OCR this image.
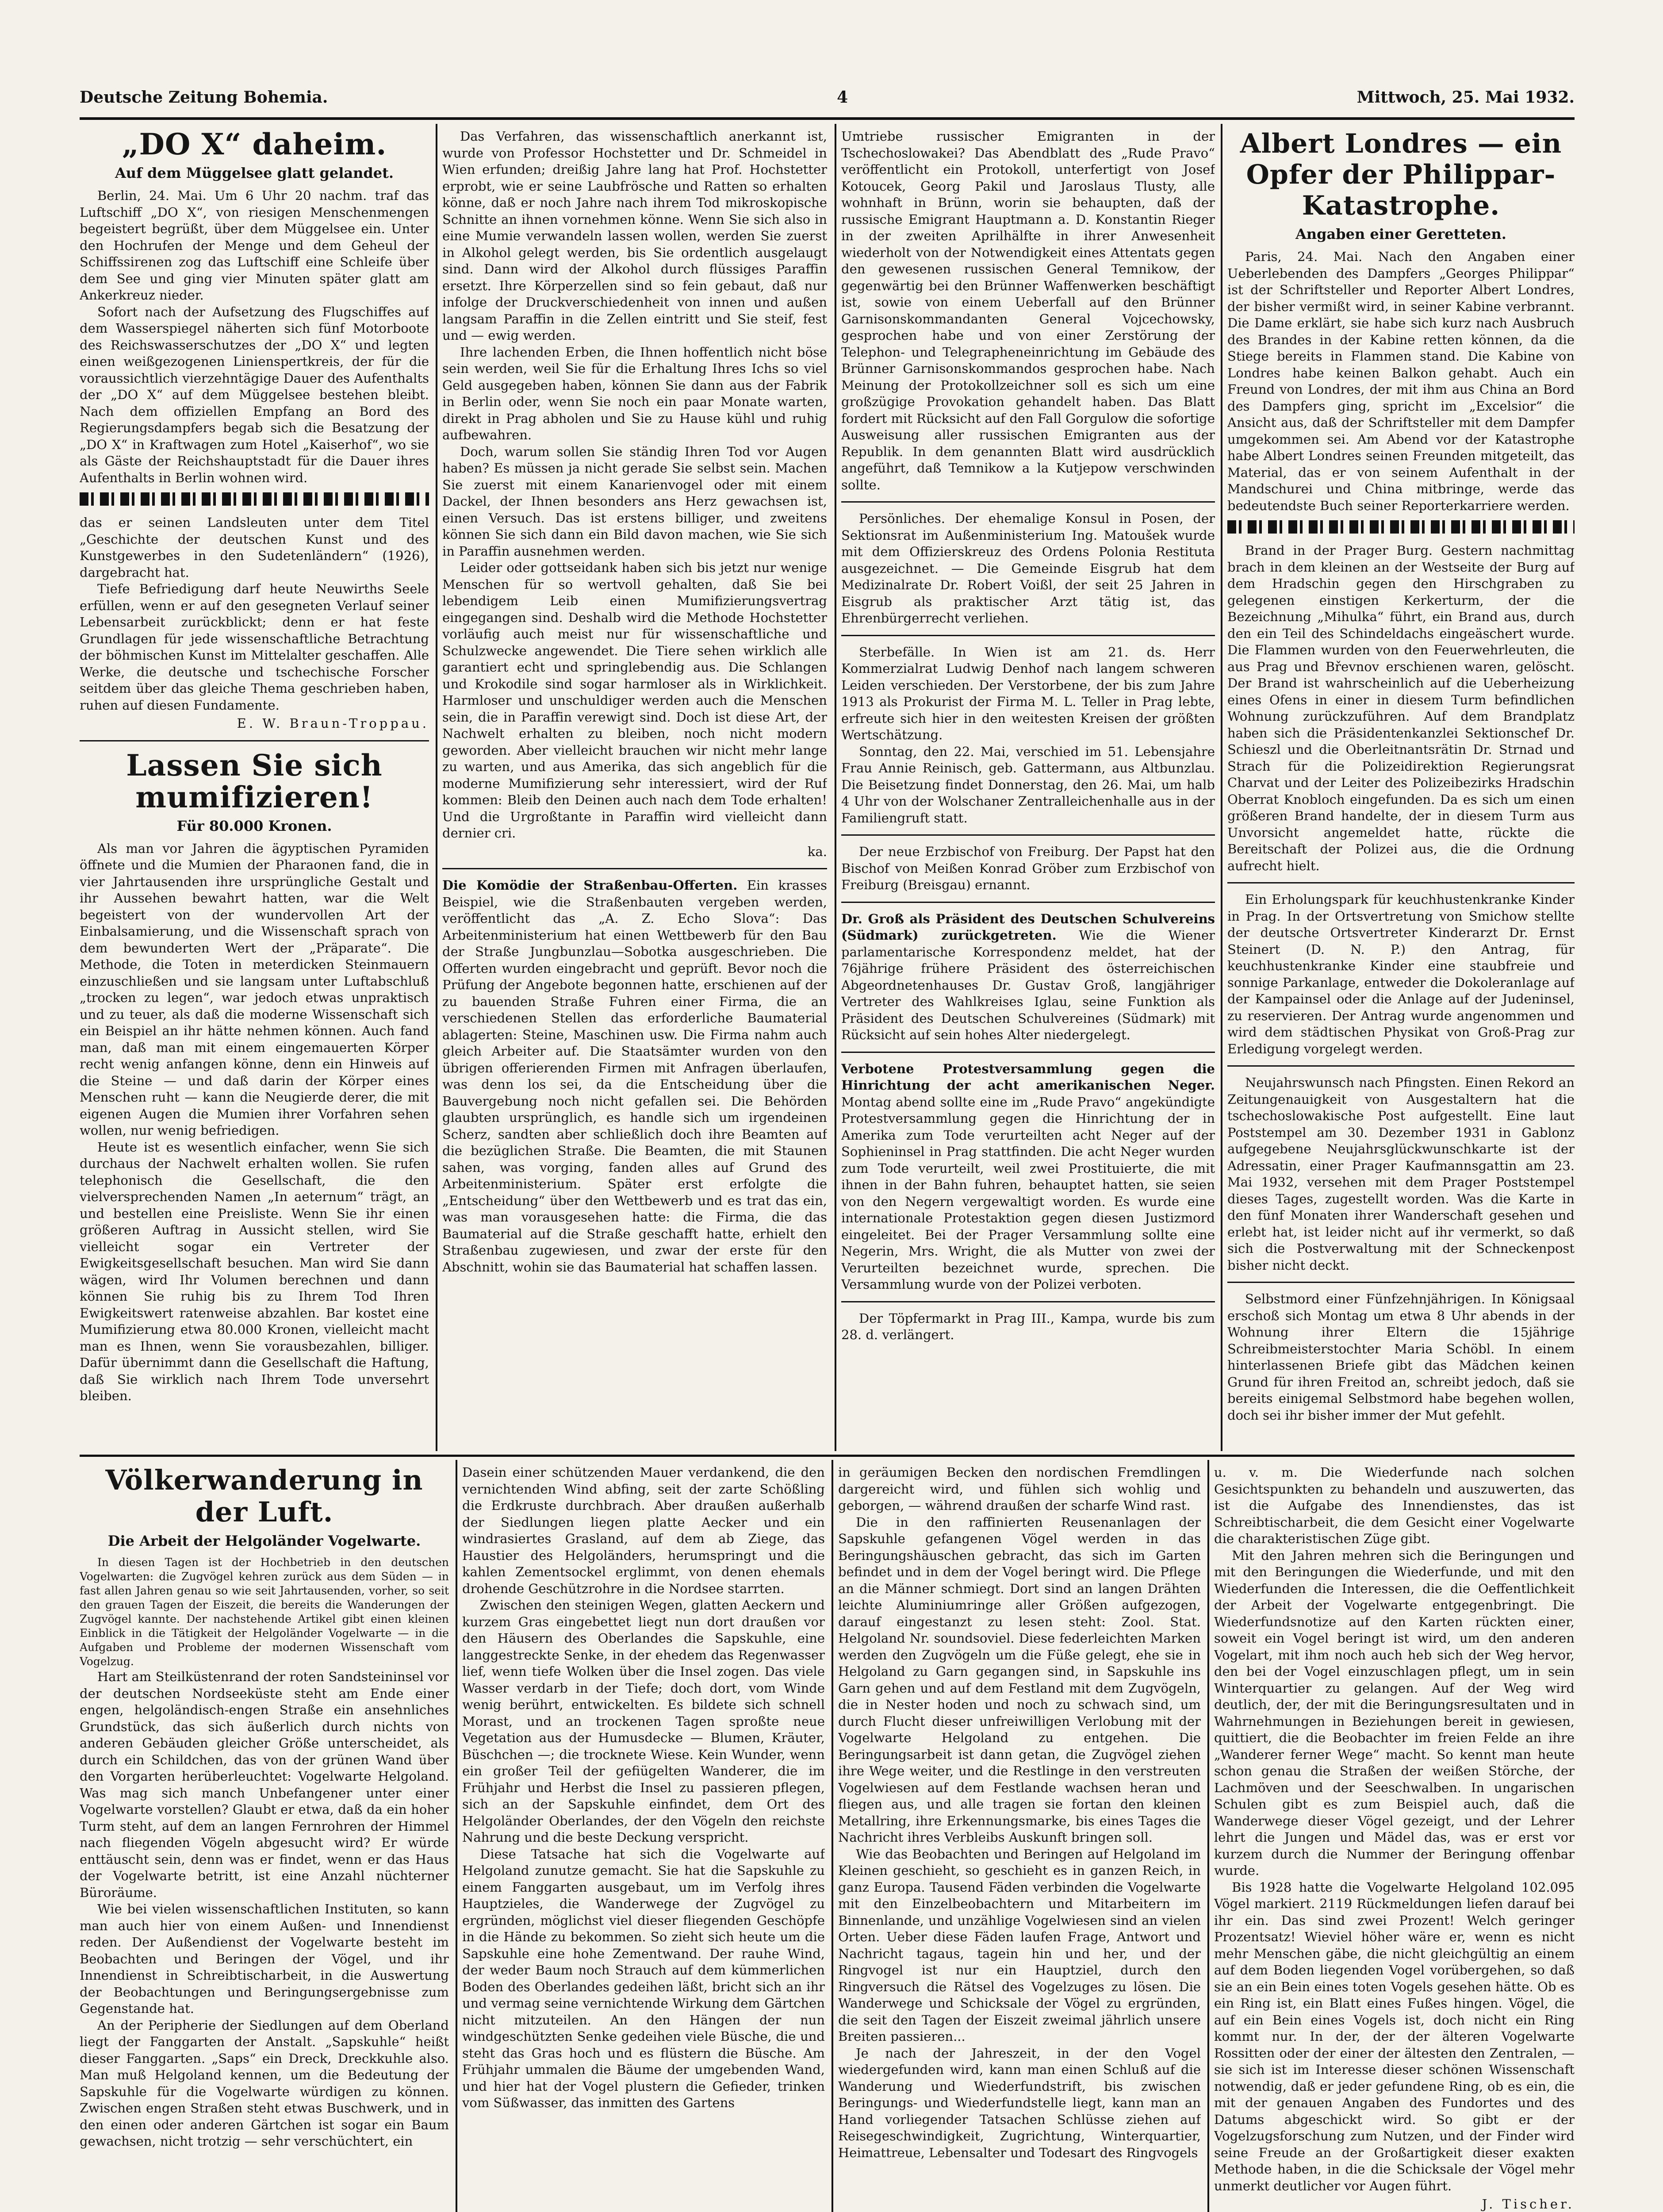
Deutsche Zeitung Bohemia.	4	Mittwoch, 25. Mai 1932.
„DO X“ daheim.
Auf dem Müggelsee glatt gelandet.

Berlin, 24. Mai. Um 6 Uhr 20 nachm. traf das Luftschiff „DO X“, von riesigen Menschenmengen begeistert begrüßt, über dem Müggelsee ein. Unter den Hochrufen der Menge und dem Geheul der Schiffssirenen zog das Luftschiff eine Schleife über dem See und ging vier Minuten später glatt am Ankerkreuz nieder.

Sofort nach der Aufsetzung des Flugschiffes auf dem Wasserspiegel näherten sich fünf Motorboote des Reichswasserschutzes der „DO X“ und legten einen weißgezogenen Linienspertkreis, der für die voraussichtlich vierzehntägige Dauer des Aufenthalts der „DO X“ auf dem Müggelsee bestehen bleibt. Nach dem offiziellen Empfang an Bord des Regierungsdampfers begab sich die Besatzung der „DO X“ in Kraftwagen zum Hotel „Kaiserhof“, wo sie als Gäste der Reichshauptstadt für die Dauer ihres Aufenthalts in Berlin wohnen wird.

das er seinen Landsleuten unter dem Titel „Geschichte der deutschen Kunst und des Kunstgewerbes in den Sudetenländern“ (1926), dargebracht hat.

Tiefe Befriedigung darf heute Neuwirths Seele erfüllen, wenn er auf den gesegneten Verlauf seiner Lebensarbeit zurückblickt; denn er hat feste Grundlagen für jede wissenschaftliche Betrachtung der böhmischen Kunst im Mittelalter geschaffen. Alle Werke, die deutsche und tschechische Forscher seitdem über das gleiche Thema geschrieben haben, ruhen auf diesen Fundamente.

E. W. Braun-Troppau.
Lassen Sie sich mumifizieren!
Für 80.000 Kronen.

Als man vor Jahren die ägyptischen Pyramiden öffnete und die Mumien der Pharaonen fand, die in vier Jahrtausenden ihre ursprüngliche Gestalt und ihr Aussehen bewahrt hatten, war die Welt begeistert von der wundervollen Art der Einbalsamierung, und die Wissenschaft sprach von dem bewunderten Wert der „Präparate“. Die Methode, die Toten in meterdicken Steinmauern einzuschließen und sie langsam unter Luftabschluß „trocken zu legen“, war jedoch etwas unpraktisch und zu teuer, als daß die moderne Wissenschaft sich ein Beispiel an ihr hätte nehmen können. Auch fand man, daß man mit einem eingemauerten Körper recht wenig anfangen könne, denn ein Hinweis auf die Steine — und daß darin der Körper eines Menschen ruht — kann die Neugierde derer, die mit eigenen Augen die Mumien ihrer Vorfahren sehen wollen, nur wenig befriedigen.

Heute ist es wesentlich einfacher, wenn Sie sich durchaus der Nachwelt erhalten wollen. Sie rufen telephonisch die Gesellschaft, die den vielversprechenden Namen „In aeternum“ trägt, an und bestellen eine Preisliste. Wenn Sie ihr einen größeren Auftrag in Aussicht stellen, wird Sie vielleicht sogar ein Vertreter der Ewigkeitsgesellschaft besuchen. Man wird Sie dann wägen, wird Ihr Volumen berechnen und dann können Sie ruhig bis zu Ihrem Tod Ihren Ewigkeitswert ratenweise abzahlen. Bar kostet eine Mumifizierung etwa 80.000 Kronen, vielleicht macht man es Ihnen, wenn Sie vorausbezahlen, billiger. Dafür übernimmt dann die Gesellschaft die Haftung, daß Sie wirklich nach Ihrem Tode unversehrt bleiben.

Das Verfahren, das wissenschaftlich anerkannt ist, wurde von Professor Hochstetter und Dr. Schmeidel in Wien erfunden; dreißig Jahre lang hat Prof. Hochstetter erprobt, wie er seine Laubfrösche und Ratten so erhalten könne, daß er noch Jahre nach ihrem Tod mikroskopische Schnitte an ihnen vornehmen könne. Wenn Sie sich also in eine Mumie verwandeln lassen wollen, werden Sie zuerst in Alkohol gelegt werden, bis Sie ordentlich ausgelaugt sind. Dann wird der Alkohol durch flüssiges Paraffin ersetzt. Ihre Körperzellen sind so fein gebaut, daß nur infolge der Druckverschiedenheit von innen und außen langsam Paraffin in die Zellen eintritt und Sie steif, fest und — ewig werden.

Ihre lachenden Erben, die Ihnen hoffentlich nicht böse sein werden, weil Sie für die Erhaltung Ihres Ichs so viel Geld ausgegeben haben, können Sie dann aus der Fabrik in Berlin oder, wenn Sie noch ein paar Monate warten, direkt in Prag abholen und Sie zu Hause kühl und ruhig aufbewahren.

Doch, warum sollen Sie ständig Ihren Tod vor Augen haben? Es müssen ja nicht gerade Sie selbst sein. Machen Sie zuerst mit einem Kanarienvogel oder mit einem Dackel, der Ihnen besonders ans Herz gewachsen ist, einen Versuch. Das ist erstens billiger, und zweitens können Sie sich dann ein Bild davon machen, wie Sie sich in Paraffin ausnehmen werden.

Leider oder gottseidank haben sich bis jetzt nur wenige Menschen für so wertvoll gehalten, daß Sie bei lebendigem Leib einen Mumifizierungsvertrag eingegangen sind. Deshalb wird die Methode Hochstetter vorläufig auch meist nur für wissenschaftliche und Schulzwecke angewendet. Die Tiere sehen wirklich alle garantiert echt und springlebendig aus. Die Schlangen und Krokodile sind sogar harmloser als in Wirklichkeit. Harmloser und unschuldiger werden auch die Menschen sein, die in Paraffin verewigt sind. Doch ist diese Art, der Nachwelt erhalten zu bleiben, noch nicht modern geworden. Aber vielleicht brauchen wir nicht mehr lange zu warten, und aus Amerika, das sich angeblich für die moderne Mumifizierung sehr interessiert, wird der Ruf kommen: Bleib den Deinen auch nach dem Tode erhalten! Und die Urgroßtante in Paraffin wird vielleicht dann dernier cri.

ka.

Die Komödie der Straßenbau-Offerten. Ein krasses Beispiel, wie die Straßenbauten vergeben werden, veröffentlicht das „A. Z. Echo Slova“: Das Arbeitenministerium hat einen Wettbewerb für den Bau der Straße Jungbunzlau—Sobotka ausgeschrieben. Die Offerten wurden eingebracht und geprüft. Bevor noch die Prüfung der Angebote begonnen hatte, erschienen auf der zu bauenden Straße Fuhren einer Firma, die an verschiedenen Stellen das erforderliche Baumaterial ablagerten: Steine, Maschinen usw. Die Firma nahm auch gleich Arbeiter auf. Die Staatsämter wurden von den übrigen offerierenden Firmen mit Anfragen überlaufen, was denn los sei, da die Entscheidung über die Bauvergebung noch nicht gefallen sei. Die Behörden glaubten ursprünglich, es handle sich um irgendeinen Scherz, sandten aber schließlich doch ihre Beamten auf die bezüglichen Straße. Die Beamten, die mit Staunen sahen, was vorging, fanden alles auf Grund des Arbeitenministerium. Später erst erfolgte die „Entscheidung“ über den Wettbewerb und es trat das ein, was man vorausgesehen hatte: die Firma, die das Baumaterial auf die Straße geschafft hatte, erhielt den Straßenbau zugewiesen, und zwar der erste für den Abschnitt, wohin sie das Baumaterial hat schaffen lassen.

Umtriebe russischer Emigranten in der Tschechoslowakei? Das Abendblatt des „Rude Pravo“ veröffentlicht ein Protokoll, unterfertigt von Josef Kotoucek, Georg Pakil und Jaroslaus Tlusty, alle wohnhaft in Brünn, worin sie behaupten, daß der russische Emigrant Hauptmann a. D. Konstantin Rieger in der zweiten Aprilhälfte in ihrer Anwesenheit wiederholt von der Notwendigkeit eines Attentats gegen den gewesenen russischen General Temnikow, der gegenwärtig bei den Brünner Waffenwerken beschäftigt ist, sowie von einem Ueberfall auf den Brünner Garnisonskommandanten General Vojcechowsky, gesprochen habe und von einer Zerstörung der Telephon- und Telegrapheneinrichtung im Gebäude des Brünner Garnisonskommandos gesprochen habe. Nach Meinung der Protokollzeichner soll es sich um eine großzügige Provokation gehandelt haben. Das Blatt fordert mit Rücksicht auf den Fall Gorgulow die sofortige Ausweisung aller russischen Emigranten aus der Republik. In dem genannten Blatt wird ausdrücklich angeführt, daß Temnikow a la Kutjepow verschwinden sollte.

Persönliches. Der ehemalige Konsul in Posen, der Sektionsrat im Außenministerium Ing. Matoušek wurde mit dem Offizierskreuz des Ordens Polonia Restituta ausgezeichnet. — Die Gemeinde Eisgrub hat dem Medizinalrate Dr. Robert Voißl, der seit 25 Jahren in Eisgrub als praktischer Arzt tätig ist, das Ehrenbürgerrecht verliehen.

Sterbefälle. In Wien ist am 21. ds. Herr Kommerzialrat Ludwig Denhof nach langem schweren Leiden verschieden. Der Verstorbene, der bis zum Jahre 1913 als Prokurist der Firma M. L. Teller in Prag lebte, erfreute sich hier in den weitesten Kreisen der größten Wertschätzung.

Sonntag, den 22. Mai, verschied im 51. Lebensjahre Frau Annie Reinisch, geb. Gattermann, aus Altbunzlau. Die Beisetzung findet Donnerstag, den 26. Mai, um halb 4 Uhr von der Wolschaner Zentralleichenhalle aus in der Familiengruft statt.

Der neue Erzbischof von Freiburg. Der Papst hat den Bischof von Meißen Konrad Gröber zum Erzbischof von Freiburg (Breisgau) ernannt.

Dr. Groß als Präsident des Deutschen Schulvereins (Südmark) zurückgetreten. Wie die Wiener parlamentarische Korrespondenz meldet, hat der 76jährige frühere Präsident des österreichischen Abgeordnetenhauses Dr. Gustav Groß, langjähriger Vertreter des Wahlkreises Iglau, seine Funktion als Präsident des Deutschen Schulvereines (Südmark) mit Rücksicht auf sein hohes Alter niedergelegt.

Verbotene Protestversammlung gegen die Hinrichtung der acht amerikanischen Neger. Montag abend sollte eine im „Rude Pravo“ angekündigte Protestversammlung gegen die Hinrichtung der in Amerika zum Tode verurteilten acht Neger auf der Sophieninsel in Prag stattfinden. Die acht Neger wurden zum Tode verurteilt, weil zwei Prostituierte, die mit ihnen in der Bahn fuhren, behauptet hatten, sie seien von den Negern vergewaltigt worden. Es wurde eine internationale Protestaktion gegen diesen Justizmord eingeleitet. Bei der Prager Versammlung sollte eine Negerin, Mrs. Wright, die als Mutter von zwei der Verurteilten bezeichnet wurde, sprechen. Die Versammlung wurde von der Polizei verboten.

Der Töpfermarkt in Prag III., Kampa, wurde bis zum 28. d. verlängert.

Albert Londres — ein Opfer der Philippar-Katastrophe.
Angaben einer Geretteten.

Paris, 24. Mai. Nach den Angaben einer Ueberlebenden des Dampfers „Georges Philippar“ ist der Schriftsteller und Reporter Albert Londres, der bisher vermißt wird, in seiner Kabine verbrannt. Die Dame erklärt, sie habe sich kurz nach Ausbruch des Brandes in der Kabine retten können, da die Stiege bereits in Flammen stand. Die Kabine von Londres habe keinen Balkon gehabt. Auch ein Freund von Londres, der mit ihm aus China an Bord des Dampfers ging, spricht im „Excelsior“ die Ansicht aus, daß der Schriftsteller mit dem Dampfer umgekommen sei. Am Abend vor der Katastrophe habe Albert Londres seinen Freunden mitgeteilt, das Material, das er von seinem Aufenthalt in der Mandschurei und China mitbringe, werde das bedeutendste Buch seiner Reporterkarriere werden.

Brand in der Prager Burg. Gestern nachmittag brach in dem kleinen an der Westseite der Burg auf dem Hradschin gegen den Hirschgraben zu gelegenen einstigen Kerkerturm, der die Bezeichnung „Mihulka“ führt, ein Brand aus, durch den ein Teil des Schindeldachs eingeäschert wurde. Die Flammen wurden von den Feuerwehrleuten, die aus Prag und Břevnov erschienen waren, gelöscht. Der Brand ist wahrscheinlich auf die Ueberheizung eines Ofens in einer in diesem Turm befindlichen Wohnung zurückzuführen. Auf dem Brandplatz haben sich die Präsidentenkanzlei Sektionschef Dr. Schieszl und die Oberleitnantsrätin Dr. Strnad und Strach für die Polizeidirektion Regierungsrat Charvat und der Leiter des Polizeibezirks Hradschin Oberrat Knobloch eingefunden. Da es sich um einen größeren Brand handelte, der in diesem Turm aus Unvorsicht angemeldet hatte, rückte die Bereitschaft der Polizei aus, die die Ordnung aufrecht hielt.

Ein Erholungspark für keuchhustenkranke Kinder in Prag. In der Ortsvertretung von Smichow stellte der deutsche Ortsvertreter Kinderarzt Dr. Ernst Steinert (D. N. P.) den Antrag, für keuchhustenkranke Kinder eine staubfreie und sonnige Parkanlage, entweder die Dokoleranlage auf der Kampainsel oder die Anlage auf der Judeninsel, zu reservieren. Der Antrag wurde angenommen und wird dem städtischen Physikat von Groß-Prag zur Erledigung vorgelegt werden.

Neujahrswunsch nach Pfingsten. Einen Rekord an Zeitungenauigkeit von Ausgestaltern hat die tschechoslowakische Post aufgestellt. Eine laut Poststempel am 30. Dezember 1931 in Gablonz aufgegebene Neujahrsglückwunschkarte ist der Adressatin, einer Prager Kaufmannsgattin am 23. Mai 1932, versehen mit dem Prager Poststempel dieses Tages, zugestellt worden. Was die Karte in den fünf Monaten ihrer Wanderschaft gesehen und erlebt hat, ist leider nicht auf ihr vermerkt, so daß sich die Postverwaltung mit der Schneckenpost bisher nicht deckt.

Selbstmord einer Fünfzehnjährigen. In Königsaal erschoß sich Montag um etwa 8 Uhr abends in der Wohnung ihrer Eltern die 15jährige Schreibmeisterstochter Maria Schöbl. In einem hinterlassenen Briefe gibt das Mädchen keinen Grund für ihren Freitod an, schreibt jedoch, daß sie bereits einigemal Selbstmord habe begehen wollen, doch sei ihr bisher immer der Mut gefehlt.

Völkerwanderung in der Luft.
Die Arbeit der Helgoländer Vogelwarte.

In diesen Tagen ist der Hochbetrieb in den deutschen Vogelwarten: die Zugvögel kehren zurück aus dem Süden — in fast allen Jahren genau so wie seit Jahrtausenden, vorher, so seit den grauen Tagen der Eiszeit, die bereits die Wanderungen der Zugvögel kannte. Der nachstehende Artikel gibt einen kleinen Einblick in die Tätigkeit der Helgoländer Vogelwarte — in die Aufgaben und Probleme der modernen Wissenschaft vom Vogelzug.

Hart am Steilküstenrand der roten Sandsteininsel vor der deutschen Nordseeküste steht am Ende einer engen, helgoländisch-engen Straße ein ansehnliches Grundstück, das sich äußerlich durch nichts von anderen Gebäuden gleicher Größe unterscheidet, als durch ein Schildchen, das von der grünen Wand über den Vorgarten herüberleuchtet: Vogelwarte Helgoland. Was mag sich manch Unbefangener unter einer Vogelwarte vorstellen? Glaubt er etwa, daß da ein hoher Turm steht, auf dem an langen Fernrohren der Himmel nach fliegenden Vögeln abgesucht wird? Er würde enttäuscht sein, denn was er findet, wenn er das Haus der Vogelwarte betritt, ist eine Anzahl nüchterner Büroräume.

Wie bei vielen wissenschaftlichen Instituten, so kann man auch hier von einem Außen- und Innendienst reden. Der Außendienst der Vogelwarte besteht im Beobachten und Beringen der Vögel, und ihr Innendienst in Schreibtischarbeit, in die Auswertung der Beobachtungen und Beringungsergebnisse zum Gegenstande hat.

An der Peripherie der Siedlungen auf dem Oberland liegt der Fanggarten der Anstalt. „Sapskuhle“ heißt dieser Fanggarten. „Saps“ ein Dreck, Dreckkuhle also. Man muß Helgoland kennen, um die Bedeutung der Sapskuhle für die Vogelwarte würdigen zu können. Zwischen engen Straßen steht etwas Buschwerk, und in den einen oder anderen Gärtchen ist sogar ein Baum gewachsen, nicht trotzig — sehr verschüchtert, ein

Dasein einer schützenden Mauer verdankend, die den vernichtenden Wind abfing, seit der zarte Schößling die Erdkruste durchbrach. Aber draußen außerhalb der Siedlungen liegen platte Aecker und ein windrasiertes Grasland, auf dem ab Ziege, das Haustier des Helgoländers, herumspringt und die kahlen Zementsockel erglimmt, von denen ehemals drohende Geschützrohre in die Nordsee starrten.

Zwischen den steinigen Wegen, glatten Aeckern und kurzem Gras eingebettet liegt nun dort draußen vor den Häusern des Oberlandes die Sapskuhle, eine langgestreckte Senke, in der ehedem das Regenwasser lief, wenn tiefe Wolken über die Insel zogen. Das viele Wasser verdarb in der Tiefe; doch dort, vom Winde wenig berührt, entwickelten. Es bildete sich schnell Morast, und an trockenen Tagen sproßte neue Vegetation aus der Humusdecke — Blumen, Kräuter, Büschchen —; die trocknete Wiese. Kein Wunder, wenn ein großer Teil der gefiügelten Wanderer, die im Frühjahr und Herbst die Insel zu passieren pflegen, sich an der Sapskuhle einfindet, dem Ort des Helgoländer Oberlandes, der den Vögeln den reichste Nahrung und die beste Deckung verspricht.

Diese Tatsache hat sich die Vogelwarte auf Helgoland zunutze gemacht. Sie hat die Sapskuhle zu einem Fanggarten ausgebaut, um im Verfolg ihres Hauptzieles, die Wanderwege der Zugvögel zu ergründen, möglichst viel dieser fliegenden Geschöpfe in die Hände zu bekommen. So zieht sich heute um die Sapskuhle eine hohe Zementwand. Der rauhe Wind, der weder Baum noch Strauch auf dem kümmerlichen Boden des Oberlandes gedeihen läßt, bricht sich an ihr und vermag seine vernichtende Wirkung dem Gärtchen nicht mitzuteilen. An den Hängen der nun windgeschützten Senke gedeihen viele Büsche, die und steht das Gras hoch und es flüstern die Büsche. Am Frühjahr ummalen die Bäume der umgebenden Wand, und hier hat der Vogel plustern die Gefieder, trinken vom Süßwasser, das inmitten des Gartens

in geräumigen Becken den nordischen Fremdlingen dargereicht wird, und fühlen sich wohlig und geborgen, — während draußen der scharfe Wind rast.

Die in den raffinierten Reusenanlagen der Sapskuhle gefangenen Vögel werden in das Beringungshäuschen gebracht, das sich im Garten befindet und in dem der Vogel beringt wird. Die Pflege an die Männer schmiegt. Dort sind an langen Drähten leichte Aluminiumringe aller Größen aufgezogen, darauf eingestanzt zu lesen steht: Zool. Stat. Helgoland Nr. soundsoviel. Diese federleichten Marken werden den Zugvögeln um die Füße gelegt, ehe sie in Helgoland zu Garn gegangen sind, in Sapskuhle ins Garn gehen und auf dem Festland mit dem Zugvögeln, die in Nester hoden und noch zu schwach sind, um durch Flucht dieser unfreiwilligen Verlobung mit der Vogelwarte Helgoland zu entgehen. Die Beringungsarbeit ist dann getan, die Zugvögel ziehen ihre Wege weiter, und die Restlinge in den verstreuten Vogelwiesen auf dem Festlande wachsen heran und fliegen aus, und alle tragen sie fortan den kleinen Metallring, ihre Erkennungsmarke, bis eines Tages die Nachricht ihres Verbleibs Auskunft bringen soll.

Wie das Beobachten und Beringen auf Helgoland im Kleinen geschieht, so geschieht es in ganzen Reich, in ganz Europa. Tausend Fäden verbinden die Vogelwarte mit den Einzelbeobachtern und Mitarbeitern im Binnenlande, und unzählige Vogelwiesen sind an vielen Orten. Ueber diese Fäden laufen Frage, Antwort und Nachricht tagaus, tagein hin und her, und der Ringvogel ist nur ein Hauptziel, durch den Ringversuch die Rätsel des Vogelzuges zu lösen. Die Wanderwege und Schicksale der Vögel zu ergründen, die seit den Tagen der Eiszeit zweimal jährlich unsere Breiten passieren...

Je nach der Jahreszeit, in der den Vogel wiedergefunden wird, kann man einen Schluß auf die Wanderung und Wiederfundstrift, bis zwischen Beringungs- und Wiederfundstelle liegt, kann man an Hand vorliegender Tatsachen Schlüsse ziehen auf Reisegeschwindigkeit, Zugrichtung, Winterquartier, Heimattreue, Lebensalter und Todesart des Ringvogels

u. v. m. Die Wiederfunde nach solchen Gesichtspunkten zu behandeln und auszuwerten, das ist die Aufgabe des Innendienstes, das ist Schreibtischarbeit, die dem Gesicht einer Vogelwarte die charakteristischen Züge gibt.

Mit den Jahren mehren sich die Beringungen und mit den Beringungen die Wiederfunde, und mit den Wiederfunden die Interessen, die die Oeffentlichkeit der Arbeit der Vogelwarte entgegenbringt. Die Wiederfundsnotize auf den Karten rückten einer, soweit ein Vogel beringt ist wird, um den anderen Vogelart, mit ihm noch auch heb sich der Weg hervor, den bei der Vogel einzuschlagen pflegt, um in sein Winterquartier zu gelangen. Auf der Weg wird deutlich, der, der mit die Beringungsresultaten und in Wahrnehmungen in Beziehungen bereit in gewiesen, quittiert, die die Beobachter im freien Felde an ihre „Wanderer ferner Wege“ macht. So kennt man heute schon genau die Straßen der weißen Störche, der Lachmöven und der Seeschwalben. In ungarischen Schulen gibt es zum Beispiel auch, daß die Wanderwege dieser Vögel gezeigt, und der Lehrer lehrt die Jungen und Mädel das, was er erst vor kurzem durch die Nummer der Beringung offenbar wurde.

Bis 1928 hatte die Vogelwarte Helgoland 102.095 Vögel markiert. 2119 Rückmeldungen liefen darauf bei ihr ein. Das sind zwei Prozent! Welch geringer Prozentsatz! Wieviel höher wäre er, wenn es nicht mehr Menschen gäbe, die nicht gleichgültig an einem auf dem Boden liegenden Vogel vorübergehen, so daß sie an ein Bein eines toten Vogels gesehen hätte. Ob es ein Ring ist, ein Blatt eines Fußes hingen. Vögel, die auf ein Bein eines Vogels ist, doch nicht ein Ring kommt nur. In der, der der älteren Vogelwarte Rossitten oder der einer der ältesten den Zentralen, — sie sich ist im Interesse dieser schönen Wissenschaft notwendig, daß er jeder gefundene Ring, ob es ein, die mit der genauen Angaben des Fundortes und des Datums abgeschickt wird. So gibt er der Vogelzugsforschung zum Nutzen, und der Finder wird seine Freude an der Großartigkeit dieser exakten Methode haben, in die die Schicksale der Vögel mehr unmerkt deutlicher vor Augen führt.

J. Tischer.
